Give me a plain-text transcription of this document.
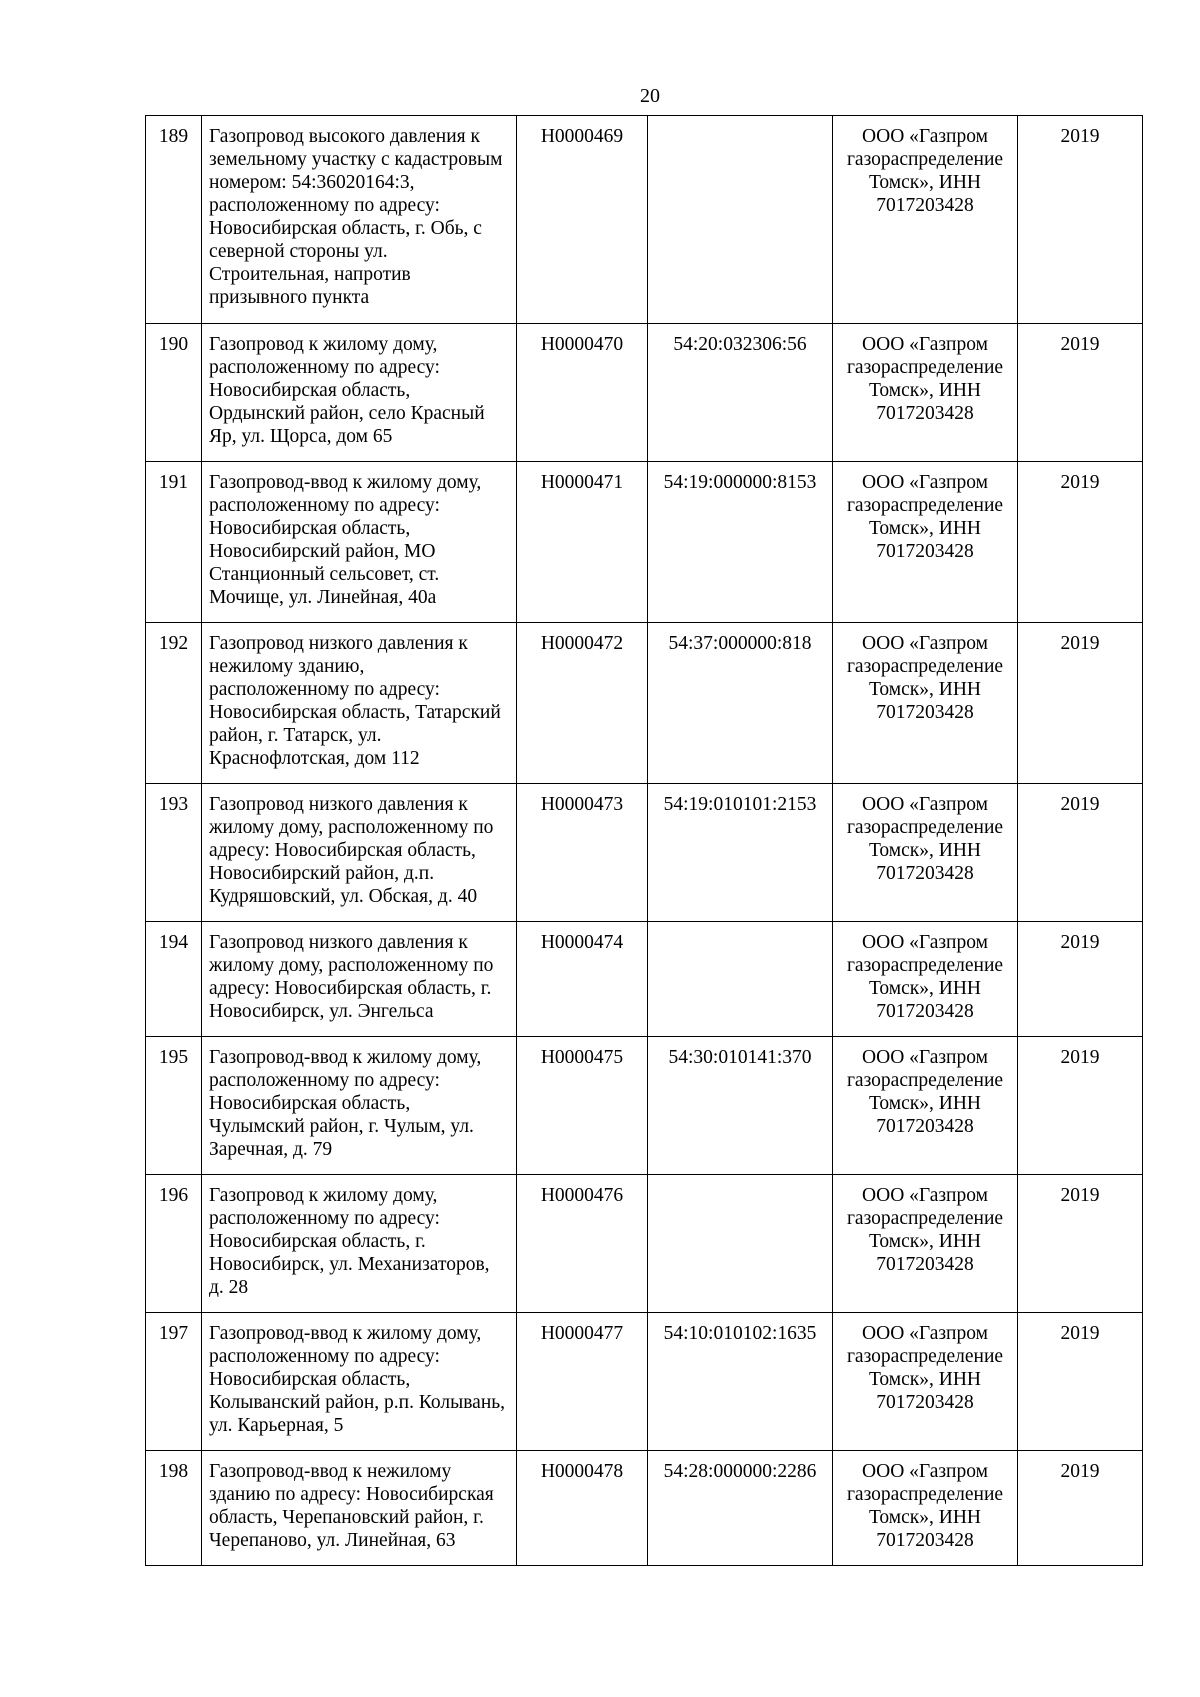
20
189	Газопровод высокого давления к земельному участку с кадастровым номером: 54:36020164:3, расположенному по адресу: Новосибирская область, г. Обь, с северной стороны ул. Строительная, напротив призывного пункта	Н0000469		ООО «Газпром газораспределение Томск», ИНН 7017203428	2019
190	Газопровод к жилому дому, расположенному по адресу: Новосибирская область, Ордынский район, село Красный Яр, ул. Щорса, дом 65	Н0000470	54:20:032306:56	ООО «Газпром газораспределение Томск», ИНН 7017203428	2019
191	Газопровод-ввод к жилому дому, расположенному по адресу: Новосибирская область, Новосибирский район, МО Станционный сельсовет, ст. Мочище, ул. Линейная, 40а	Н0000471	54:19:000000:8153	ООО «Газпром газораспределение Томск», ИНН 7017203428	2019
192	Газопровод низкого давления к нежилому зданию, расположенному по адресу: Новосибирская область, Татарский район, г. Татарск, ул. Краснофлотская, дом 112	Н0000472	54:37:000000:818	ООО «Газпром газораспределение Томск», ИНН 7017203428	2019
193	Газопровод низкого давления к жилому дому, расположенному по адресу: Новосибирская область, Новосибирский район, д.п. Кудряшовский, ул. Обская, д. 40	Н0000473	54:19:010101:2153	ООО «Газпром газораспределение Томск», ИНН 7017203428	2019
194	Газопровод низкого давления к жилому дому, расположенному по адресу: Новосибирская область, г. Новосибирск, ул. Энгельса	Н0000474		ООО «Газпром газораспределение Томск», ИНН 7017203428	2019
195	Газопровод-ввод к жилому дому, расположенному по адресу: Новосибирская область, Чулымский район, г. Чулым, ул. Заречная, д. 79	Н0000475	54:30:010141:370	ООО «Газпром газораспределение Томск», ИНН 7017203428	2019
196	Газопровод к жилому дому, расположенному по адресу: Новосибирская область, г. Новосибирск, ул. Механизаторов, д. 28	Н0000476		ООО «Газпром газораспределение Томск», ИНН 7017203428	2019
197	Газопровод-ввод к жилому дому, расположенному по адресу: Новосибирская область, Колыванский район, р.п. Колывань, ул. Карьерная, 5	Н0000477	54:10:010102:1635	ООО «Газпром газораспределение Томск», ИНН 7017203428	2019
198	Газопровод-ввод к нежилому зданию по адресу: Новосибирская область, Черепановский район, г. Черепаново, ул. Линейная, 63	Н0000478	54:28:000000:2286	ООО «Газпром газораспределение Томск», ИНН 7017203428	2019
